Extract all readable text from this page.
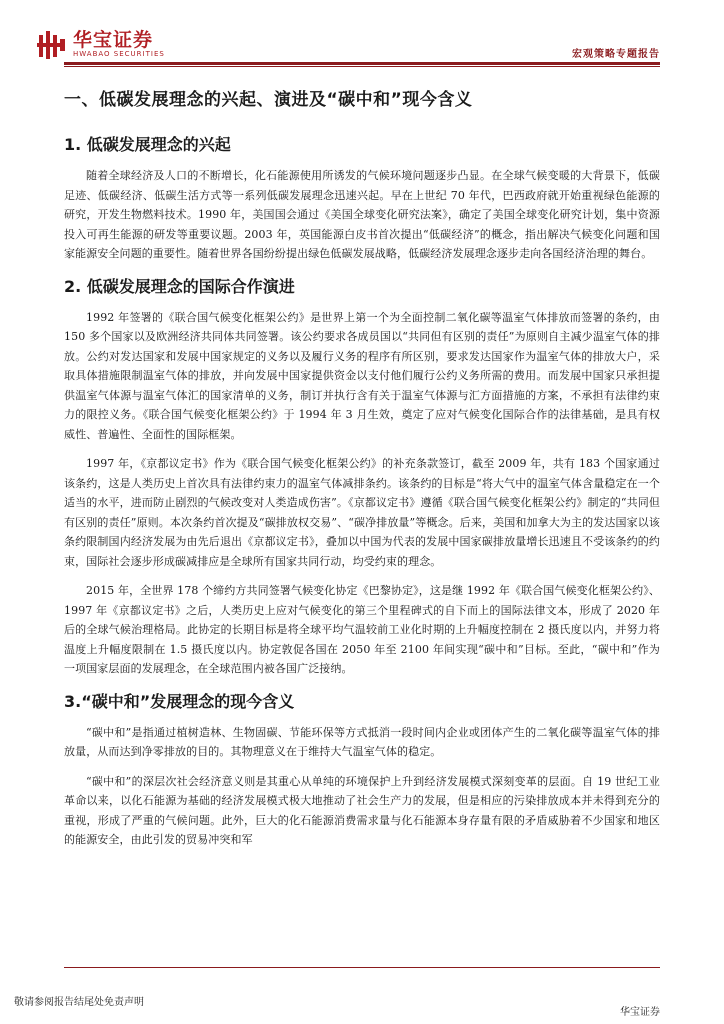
华宝证券
HWABAO SECURITIES	宏观策略专题报告
一、低碳发展理念的兴起、演进及“碳中和”现今含义
1. 低碳发展理念的兴起

随着全球经济及人口的不断增长，化石能源使用所诱发的气候环境问题逐步凸显。在全球气候变暖的大背景下，低碳足迹、低碳经济、低碳生活方式等一系列低碳发展理念迅速兴起。早在上世纪 70 年代，巴西政府就开始重视绿色能源的研究，开发生物燃料技术。1990 年，美国国会通过《美国全球变化研究法案》，确定了美国全球变化研究计划，集中资源投入可再生能源的研发等重要议题。2003 年，英国能源白皮书首次提出“低碳经济”的概念，指出解决气候变化问题和国家能源安全问题的重要性。随着世界各国纷纷提出绿色低碳发展战略，低碳经济发展理念逐步走向各国经济治理的舞台。

2. 低碳发展理念的国际合作演进

1992 年签署的《联合国气候变化框架公约》是世界上第一个为全面控制二氧化碳等温室气体排放而签署的条约，由 150 多个国家以及欧洲经济共同体共同签署。该公约要求各成员国以“共同但有区别的责任”为原则自主减少温室气体的排放。公约对发达国家和发展中国家规定的义务以及履行义务的程序有所区别，要求发达国家作为温室气体的排放大户，采取具体措施限制温室气体的排放，并向发展中国家提供资金以支付他们履行公约义务所需的费用。而发展中国家只承担提供温室气体源与温室气体汇的国家清单的义务，制订并执行含有关于温室气体源与汇方面措施的方案，不承担有法律约束力的限控义务。《联合国气候变化框架公约》于 1994 年 3 月生效，奠定了应对气候变化国际合作的法律基础，是具有权威性、普遍性、全面性的国际框架。

1997 年，《京都议定书》作为《联合国气候变化框架公约》的补充条款签订，截至 2009 年，共有 183 个国家通过该条约，这是人类历史上首次具有法律约束力的温室气体减排条约。该条约的目标是“将大气中的温室气体含量稳定在一个适当的水平，进而防止剧烈的气候改变对人类造成伤害”。《京都议定书》遵循《联合国气候变化框架公约》制定的“共同但有区别的责任”原则。本次条约首次提及“碳排放权交易”、“碳净排放量”等概念。后来，美国和加拿大为主的发达国家以该条约限制国内经济发展为由先后退出《京都议定书》，叠加以中国为代表的发展中国家碳排放量增长迅速且不受该条约的约束，国际社会逐步形成碳减排应是全球所有国家共同行动，均受约束的理念。

2015 年，全世界 178 个缔约方共同签署气候变化协定《巴黎协定》，这是继 1992 年《联合国气候变化框架公约》、1997 年《京都议定书》之后，人类历史上应对气候变化的第三个里程碑式的自下而上的国际法律文本，形成了 2020 年后的全球气候治理格局。此协定的长期目标是将全球平均气温较前工业化时期的上升幅度控制在 2 摄氏度以内，并努力将温度上升幅度限制在 1.5 摄氏度以内。协定敦促各国在 2050 年至 2100 年间实现“碳中和”目标。至此，“碳中和”作为一项国家层面的发展理念，在全球范围内被各国广泛接纳。

3.“碳中和”发展理念的现今含义

“碳中和”是指通过植树造林、生物固碳、节能环保等方式抵消一段时间内企业或团体产生的二氧化碳等温室气体的排放量，从而达到净零排放的目的。其物理意义在于维持大气温室气体的稳定。

“碳中和”的深层次社会经济意义则是其重心从单纯的环境保护上升到经济发展模式深刻变革的层面。自 19 世纪工业革命以来，以化石能源为基础的经济发展模式极大地推动了社会生产力的发展，但是相应的污染排放成本并未得到充分的重视，形成了严重的气候问题。此外，巨大的化石能源消费需求量与化石能源本身存量有限的矛盾威胁着不少国家和地区的能源安全，由此引发的贸易冲突和军

敬请参阅报告结尾处免责声明
华宝证券
